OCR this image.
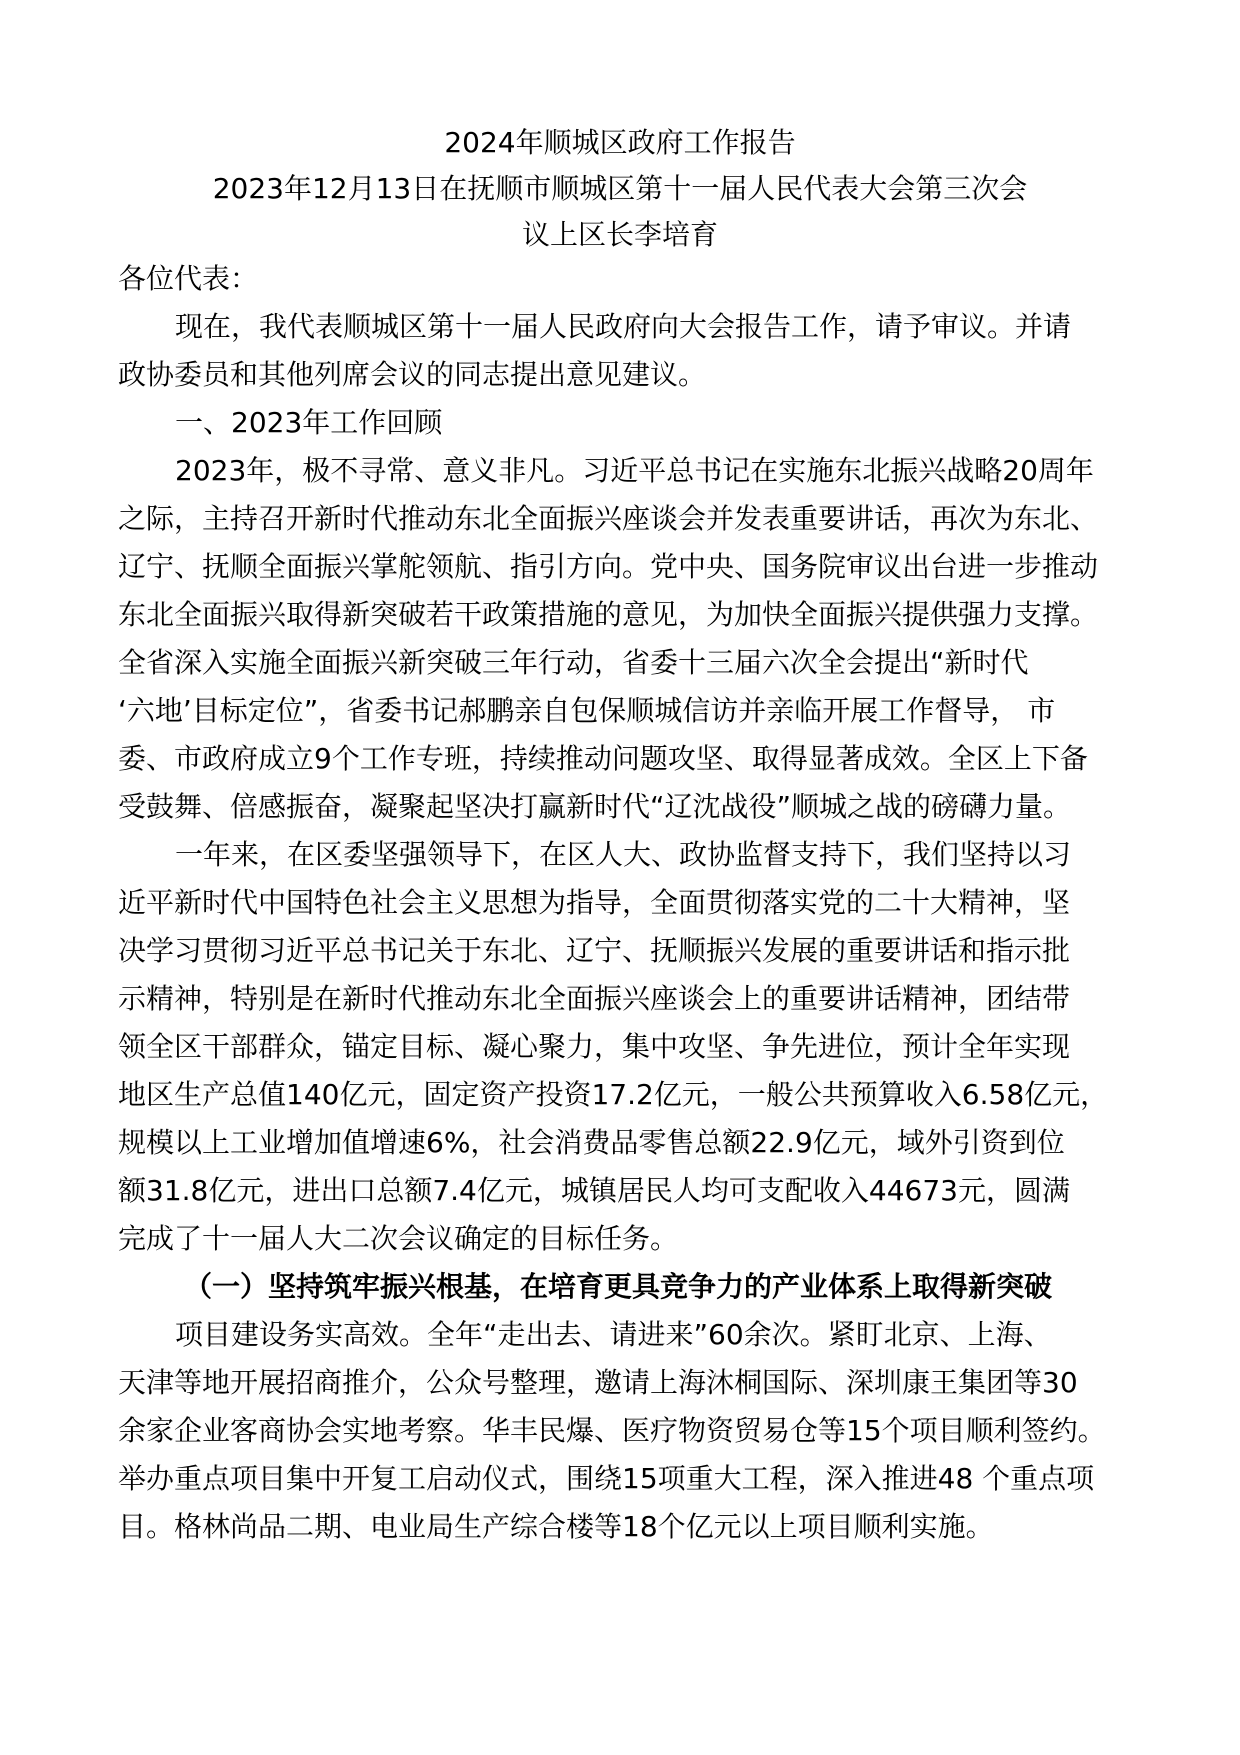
2024年顺城区政府工作报告
2023年12月13日在抚顺市顺城区第十一届人民代表大会第三次会
议上区长李培育
各位代表：
现在，我代表顺城区第十一届人民政府向大会报告工作，请予审议。并请
政协委员和其他列席会议的同志提出意见建议。
一、2023年工作回顾
2023年，极不寻常、意义非凡。习近平总书记在实施东北振兴战略20周年
之际，主持召开新时代推动东北全面振兴座谈会并发表重要讲话，再次为东北、
辽宁、抚顺全面振兴掌舵领航、指引方向。党中央、国务院审议出台进一步推动
东北全面振兴取得新突破若干政策措施的意见，为加快全面振兴提供强力支撑。
全省深入实施全面振兴新突破三年行动，省委十三届六次全会提出“新时代
‘六地’目标定位”，省委书记郝鹏亲自包保顺城信访并亲临开展工作督导， 市
委、市政府成立9个工作专班，持续推动问题攻坚、取得显著成效。全区上下备
受鼓舞、倍感振奋，凝聚起坚决打赢新时代“辽沈战役”顺城之战的磅礴力量。
一年来，在区委坚强领导下，在区人大、政协监督支持下，我们坚持以习
近平新时代中国特色社会主义思想为指导，全面贯彻落实党的二十大精神，坚
决学习贯彻习近平总书记关于东北、辽宁、抚顺振兴发展的重要讲话和指示批
示精神，特别是在新时代推动东北全面振兴座谈会上的重要讲话精神，团结带
领全区干部群众，锚定目标、凝心聚力，集中攻坚、争先进位，预计全年实现
地区生产总值140亿元，固定资产投资17.2亿元，一般公共预算收入6.58亿元，
规模以上工业增加值增速6%，社会消费品零售总额22.9亿元，域外引资到位
额31.8亿元，进出口总额7.4亿元，城镇居民人均可支配收入44673元，圆满
完成了十一届人大二次会议确定的目标任务。
（一）坚持筑牢振兴根基，在培育更具竞争力的产业体系上取得新突破
项目建设务实高效。全年“走出去、请进来”60余次。紧盯北京、上海、
天津等地开展招商推介，公众号整理，邀请上海沐桐国际、深圳康王集团等30
余家企业客商协会实地考察。华丰民爆、医疗物资贸易仓等15个项目顺利签约。
举办重点项目集中开复工启动仪式，围绕15项重大工程，深入推进48 个重点项
目。格林尚品二期、电业局生产综合楼等18个亿元以上项目顺利实施。
